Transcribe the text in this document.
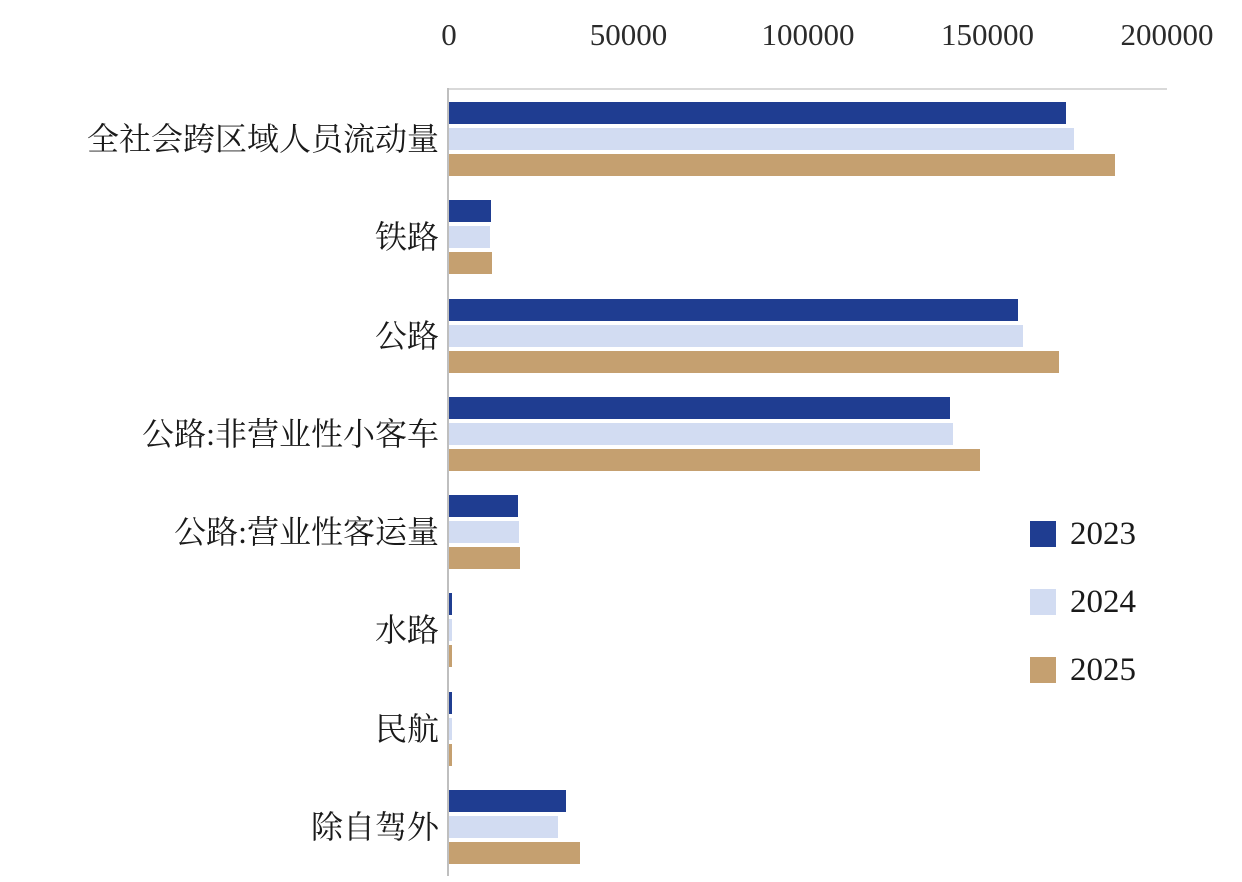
0	50000	100000	150000	200000
全社会跨区域人员流动量
铁路
公路
公路:非营业性小客车
公路:营业性客运量
水路
民航
除自驾外
2023
2024
2025
